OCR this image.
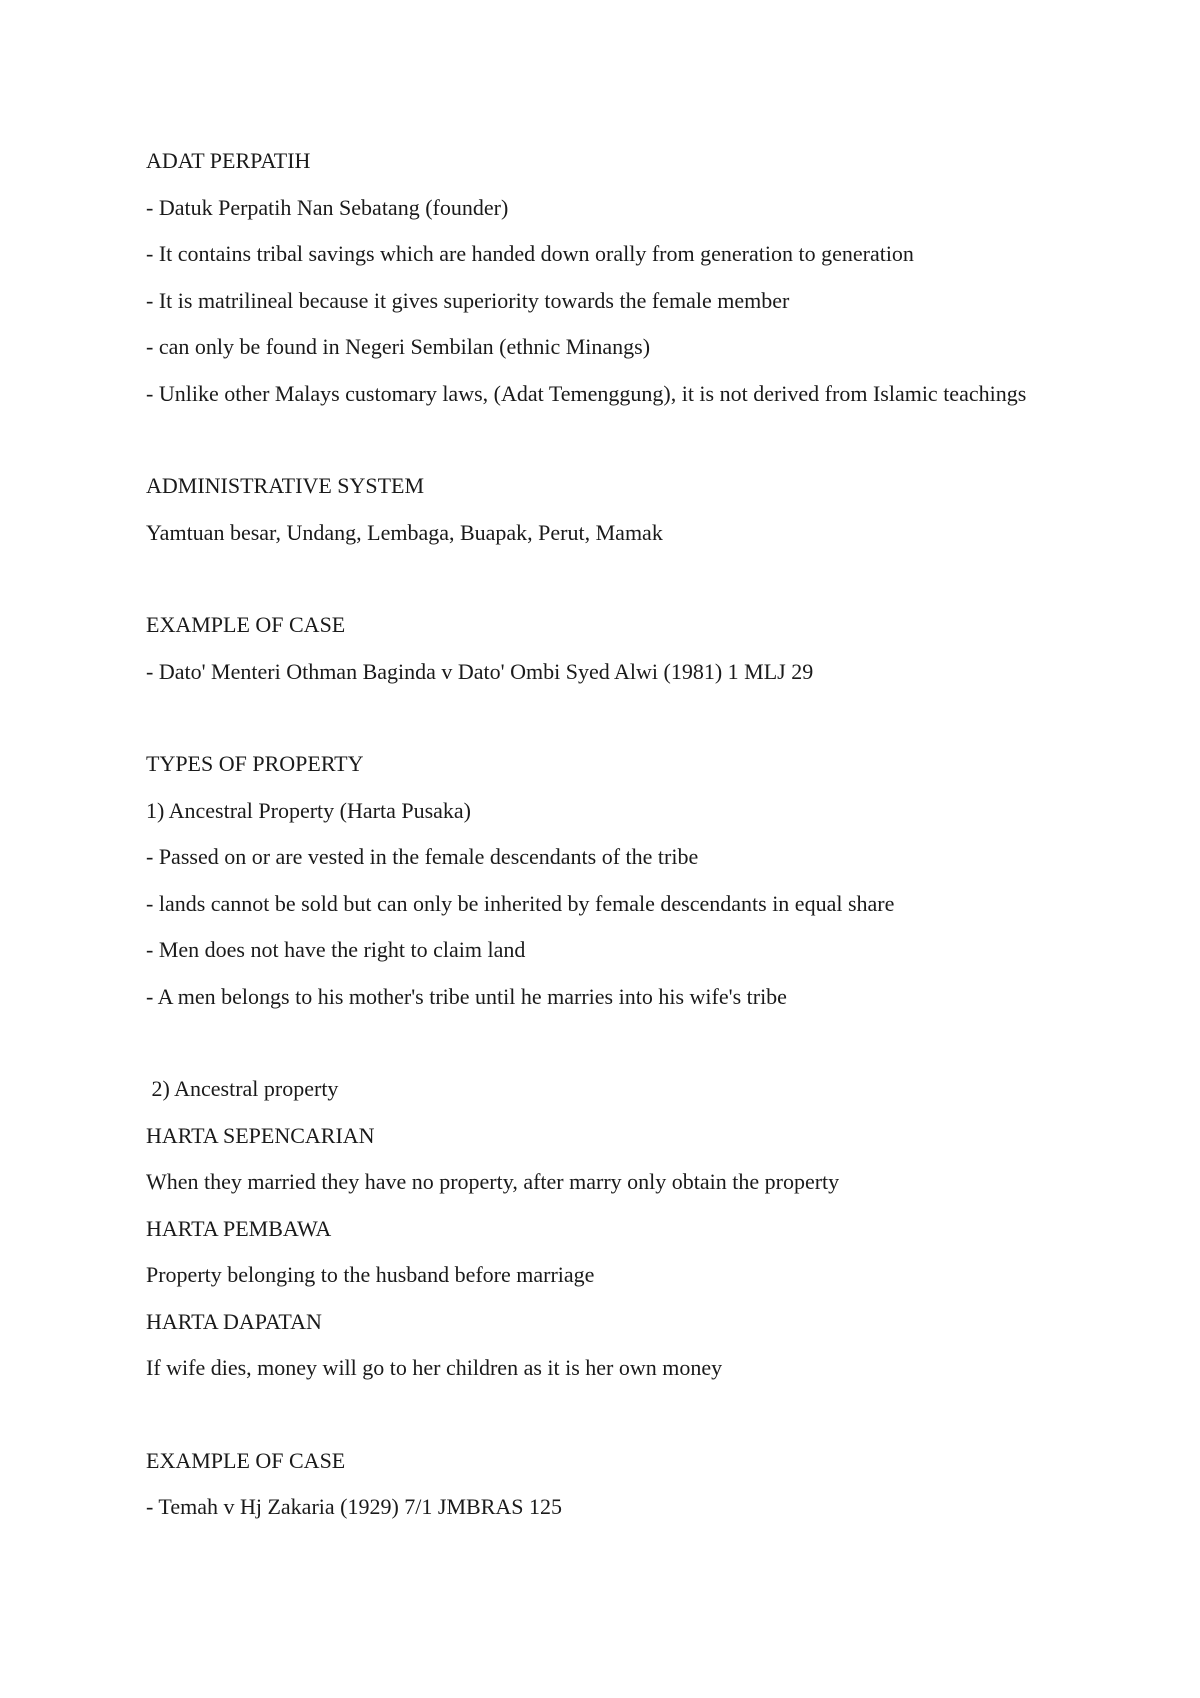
ADAT PERPATIH
- Datuk Perpatih Nan Sebatang (founder)
- It contains tribal savings which are handed down orally from generation to generation
- It is matrilineal because it gives superiority towards the female member
- can only be found in Negeri Sembilan (ethnic Minangs)
- Unlike other Malays customary laws, (Adat Temenggung), it is not derived from Islamic teachings
ADMINISTRATIVE SYSTEM
Yamtuan besar, Undang, Lembaga, Buapak, Perut, Mamak
EXAMPLE OF CASE
- Dato' Menteri Othman Baginda v Dato' Ombi Syed Alwi (1981) 1 MLJ 29
TYPES OF PROPERTY
1) Ancestral Property (Harta Pusaka)
- Passed on or are vested in the female descendants of the tribe
- lands cannot be sold but can only be inherited by female descendants in equal share
- Men does not have the right to claim land
- A men belongs to his mother's tribe until he marries into his wife's tribe
2) Ancestral property
HARTA SEPENCARIAN
When they married they have no property, after marry only obtain the property
HARTA PEMBAWA
Property belonging to the husband before marriage
HARTA DAPATAN
If wife dies, money will go to her children as it is her own money
EXAMPLE OF CASE
- Temah v Hj Zakaria (1929) 7/1 JMBRAS 125
